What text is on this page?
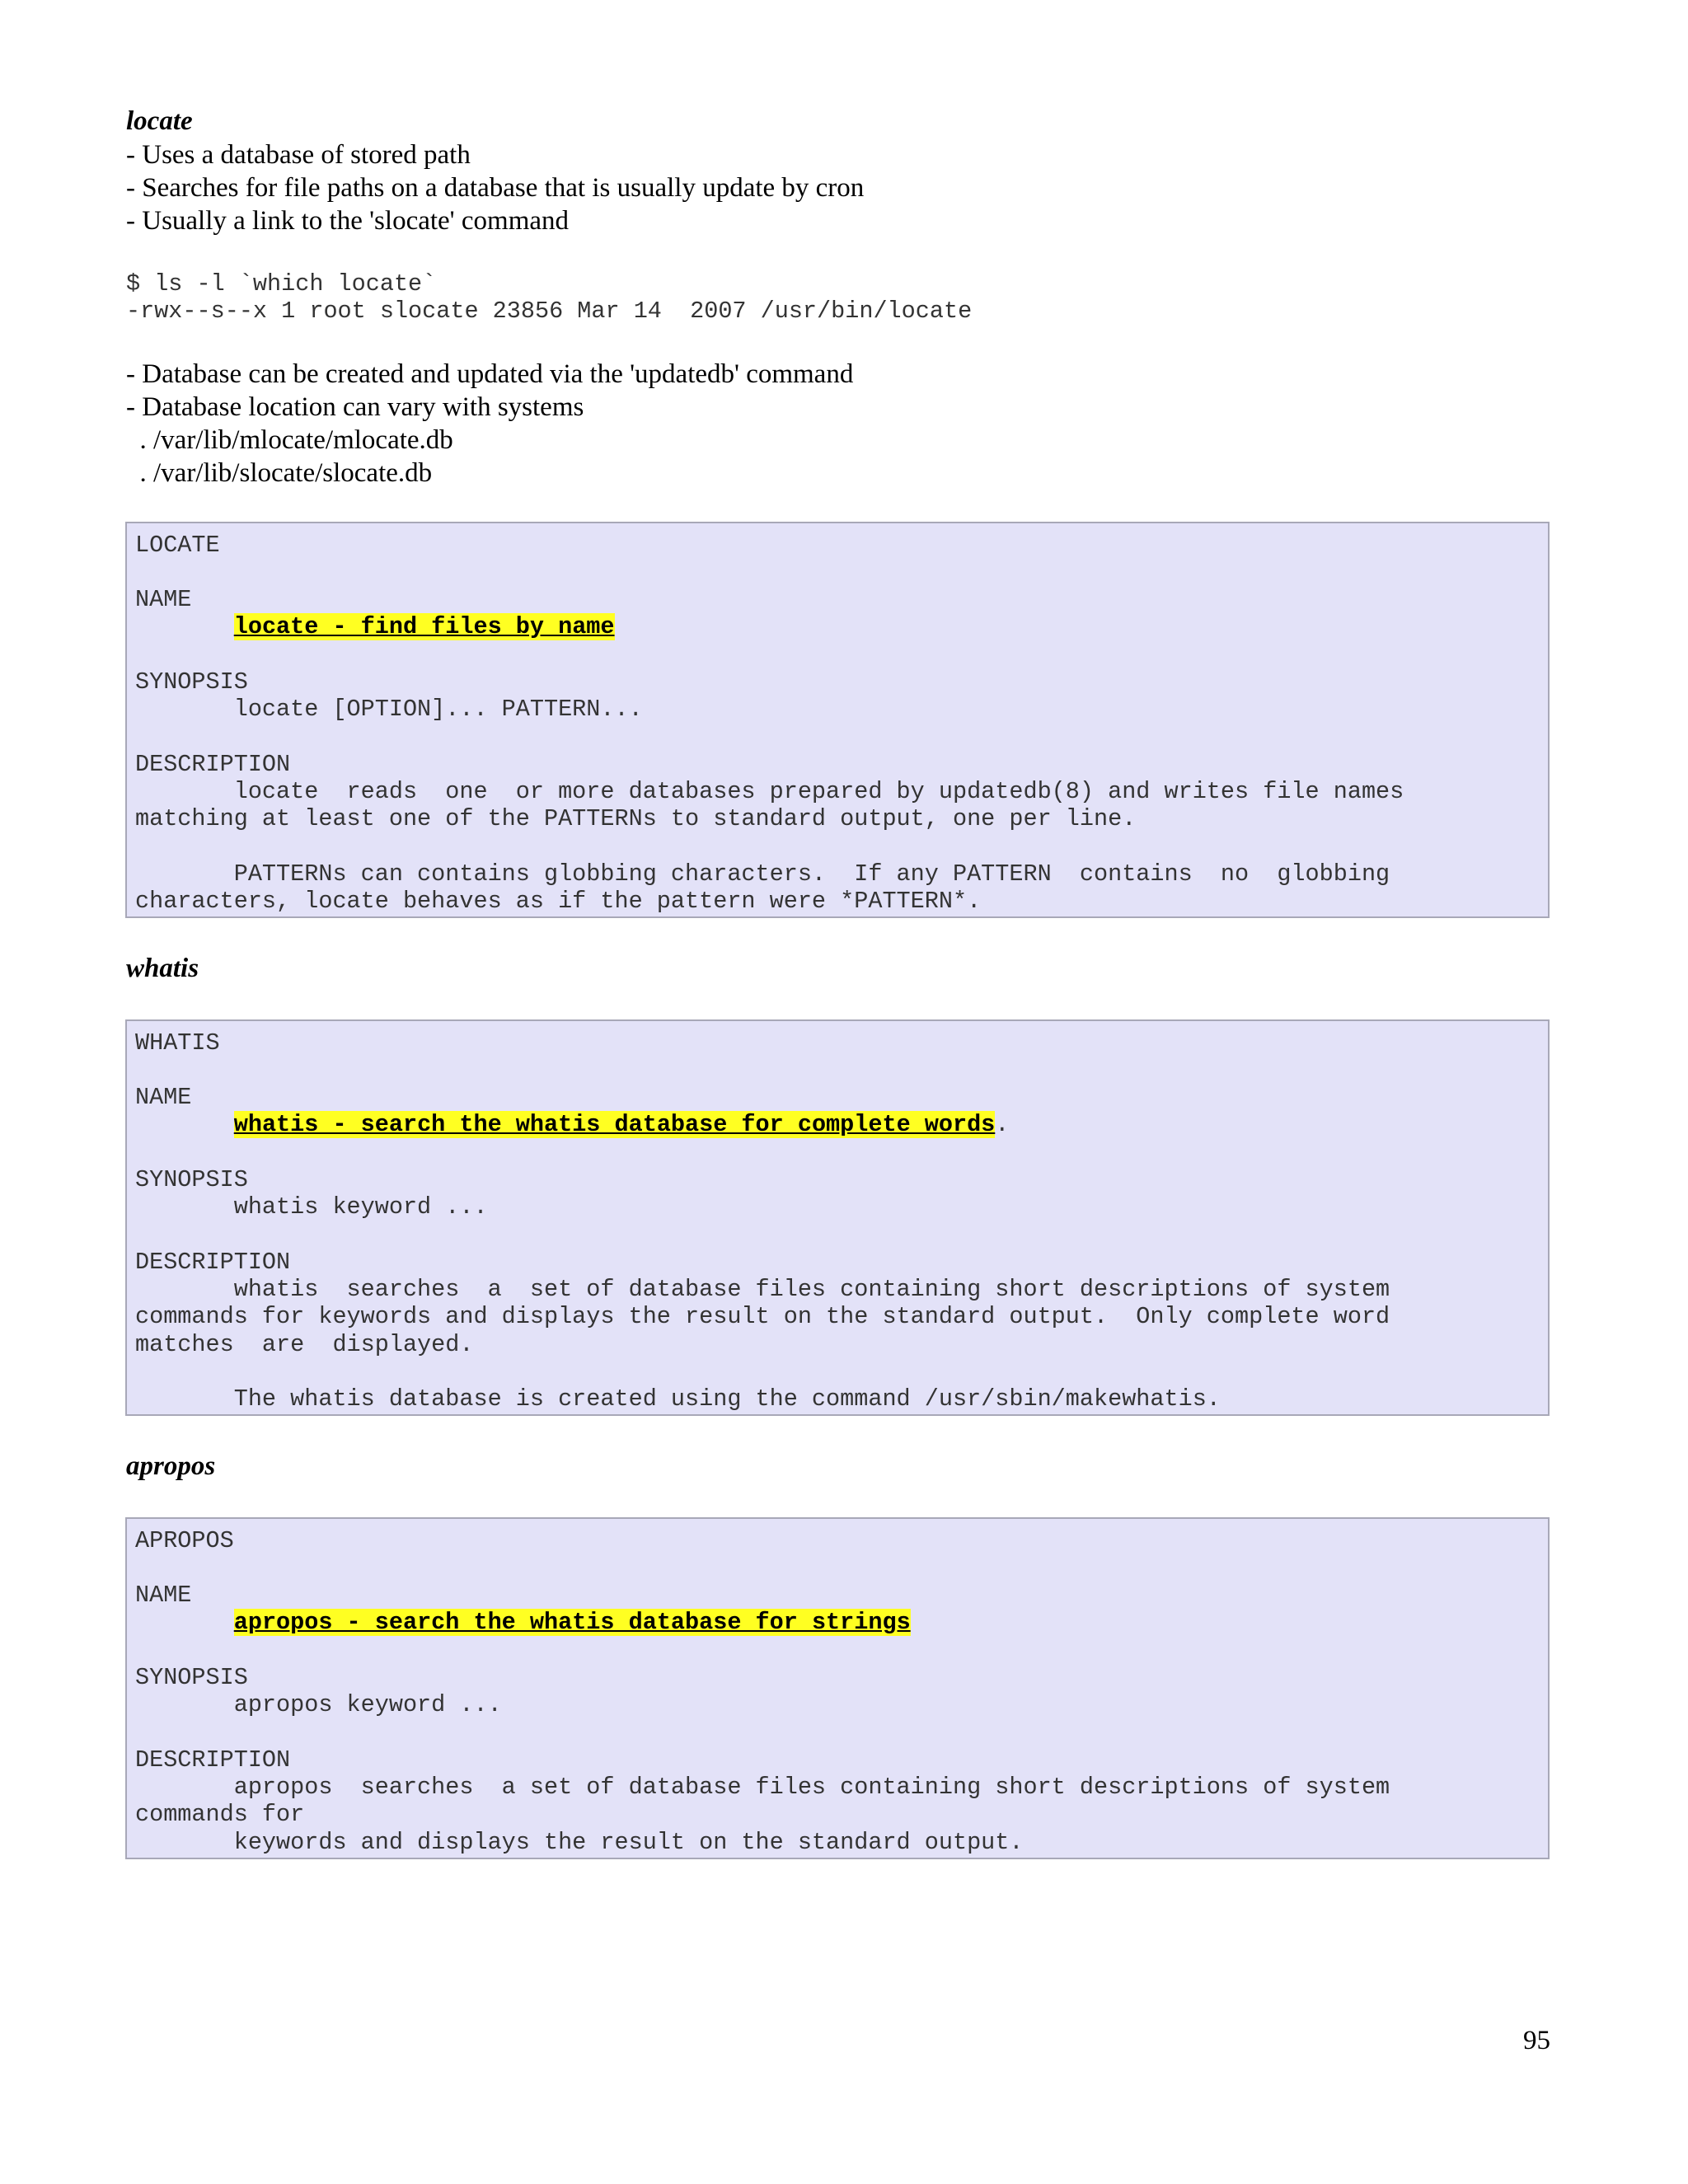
locate
- Uses a database of stored path
- Searches for file paths on a database that is usually update by cron
- Usually a link to the 'slocate' command
$ ls -l `which locate`
-rwx--s--x 1 root slocate 23856 Mar 14  2007 /usr/bin/locate
- Database can be created and updated via the 'updatedb' command
- Database location can vary with systems
. /var/lib/mlocate/mlocate.db
. /var/lib/slocate/slocate.db
LOCATE
NAME
locate - find files by name
SYNOPSIS
locate [OPTION]... PATTERN...
DESCRIPTION
locate  reads  one  or more databases prepared by updatedb(8) and writes file names
matching at least one of the PATTERNs to standard output, one per line.
PATTERNs can contains globbing characters.  If any PATTERN  contains  no  globbing
characters, locate behaves as if the pattern were *PATTERN*.
whatis
WHATIS
NAME
whatis - search the whatis database for complete words.
SYNOPSIS
whatis keyword ...
DESCRIPTION
whatis  searches  a  set of database files containing short descriptions of system
commands for keywords and displays the result on the standard output.  Only complete word
matches  are  displayed.
The whatis database is created using the command /usr/sbin/makewhatis.
apropos
APROPOS
NAME
apropos - search the whatis database for strings
SYNOPSIS
apropos keyword ...
DESCRIPTION
apropos  searches  a set of database files containing short descriptions of system
commands for
keywords and displays the result on the standard output.
95
